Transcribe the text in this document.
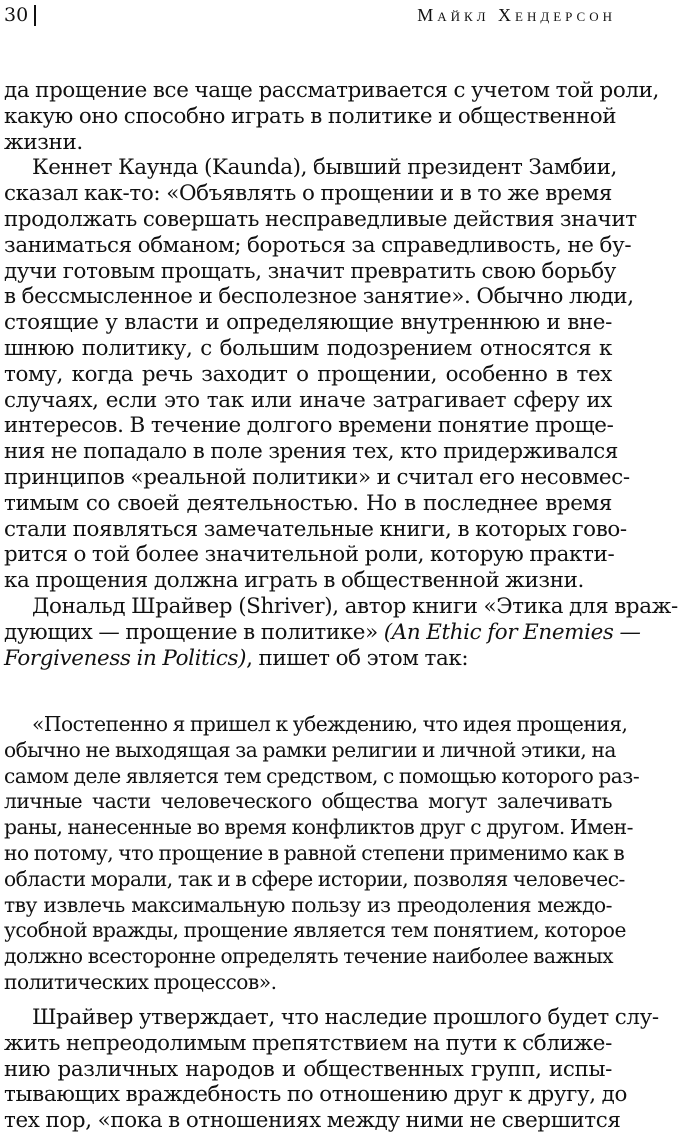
30	Майкл Хендерсон
да прощение все чаще рассматривается с учетом той роли,
какую оно способно играть в политике и общественной
жизни.
Кеннет Каунда (Kaunda), бывший президент Замбии,
сказал как-то: «Объявлять о прощении и в то же время
продолжать совершать несправедливые действия значит
заниматься обманом; бороться за справедливость, не бу-
дучи готовым прощать, значит превратить свою борьбу
в бессмысленное и бесполезное занятие». Обычно люди,
стоящие у власти и определяющие внутреннюю и вне-
шнюю политику, с большим подозрением относятся к
тому, когда речь заходит о прощении, особенно в тех
случаях, если это так или иначе затрагивает сферу их
интересов. В течение долгого времени понятие проще-
ния не попадало в поле зрения тех, кто придерживался
принципов «реальной политики» и считал его несовмес-
тимым со своей деятельностью. Но в последнее время
стали появляться замечательные книги, в которых гово-
рится о той более значительной роли, которую практи-
ка прощения должна играть в общественной жизни.
Дональд Шрайвер (Shriver), автор книги «Этика для враж-
дующих — прощение в политике» (An Ethic for Enemies —
Forgiveness in Politics), пишет об этом так:
«Постепенно я пришел к убеждению, что идея прощения,
обычно не выходящая за рамки религии и личной этики, на
самом деле является тем средством, с помощью которого раз-
личные части человеческого общества могут залечивать
раны, нанесенные во время конфликтов друг с другом. Имен-
но потому, что прощение в равной степени применимо как в
области морали, так и в сфере истории, позволяя человечес-
тву извлечь максимальную пользу из преодоления междо-
усобной вражды, прощение является тем понятием, которое
должно всесторонне определять течение наиболее важных
политических процессов».
Шрайвер утверждает, что наследие прошлого будет слу-
жить непреодолимым препятствием на пути к сближе-
нию различных народов и общественных групп, испы-
тывающих враждебность по отношению друг к другу, до
тех пор, «пока в отношениях между ними не свершится
